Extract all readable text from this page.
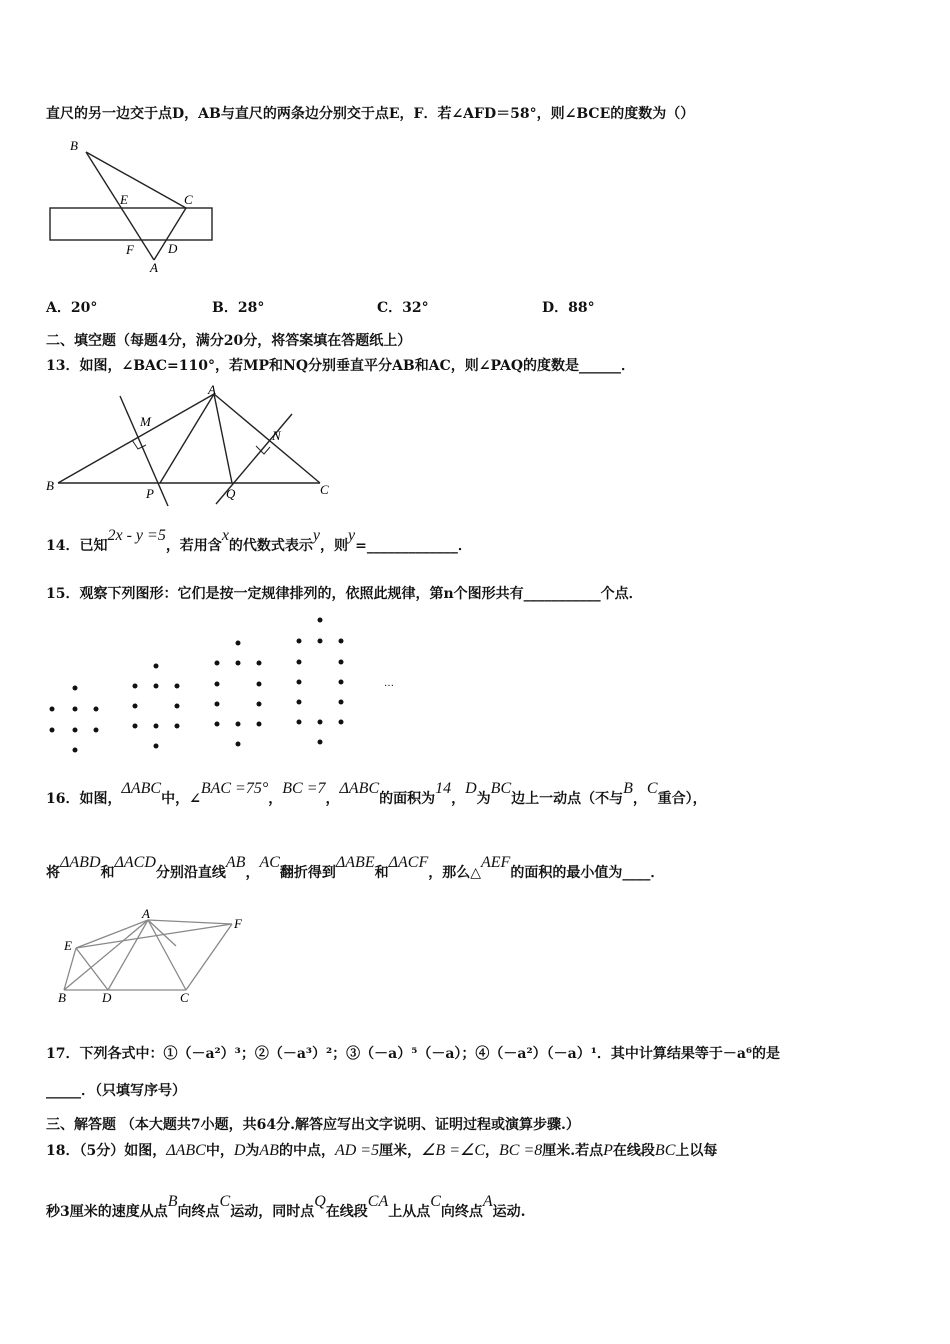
直尺的另一边交于点D，AB与直尺的两条边分别交于点E，F．若∠AFD＝58°，则∠BCE的度数为（）
B
E	C
F	D
A
A．20°	B．28°	C．32°	D．88°
二、填空题（每题4分，满分20分，将答案填在答题纸上）
13．如图，∠BAC=110°，若MP和NQ分别垂直平分AB和AC，则∠PAQ的度数是______．
A
M
N
B
P	Q	C
14．已知2x - y =5，若用含x的代数式表示y，则y=_____________．
15．观察下列图形：它们是按一定规律排列的，依照此规律，第n个图形共有___________个点．
…
16．如图，ΔABC中，∠BAC =75°，BC =7，ΔABC的面积为14，D为BC边上一动点（不与B，C重合），
将ΔABD和ΔACD分别沿直线AB，AC翻折得到ΔABE和ΔACF，那么△AEF的面积的最小值为____．
A
E
F
B	D	C
17．下列各式中：①（－a²）³；②（－a³）²；③（－a）⁵（－a）；④（－a²）（－a）¹．其中计算结果等于－a⁶的是
_____．（只填写序号）
三、解答题 （本大题共7小题，共64分.解答应写出文字说明、证明过程或演算步骤.）
18．（5分）如图，ΔABC中，D为AB的中点，AD =5厘米，∠B =∠C，BC =8厘米.若点P在线段BC上以每
秒3厘米的速度从点B向终点C运动，同时点Q在线段CA上从点C向终点A运动.
